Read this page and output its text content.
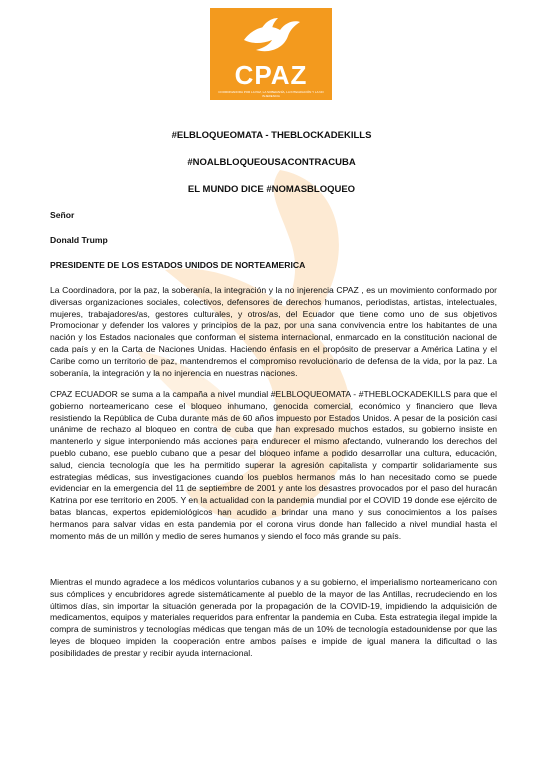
CPAZ
COORDINADORA POR LA PAZ, LA SOBERANÍA, LA INTEGRACIÓN Y LA NO INJERENCIA
#ELBLOQUEOMATA - THEBLOCKADEKILLS
#NOALBLOQUEOUSACONTRACUBA
EL MUNDO DICE #NOMASBLOQUEO
Señor
Donald Trump
PRESIDENTE DE LOS ESTADOS UNIDOS DE NORTEAMERICA
La Coordinadora, por la paz, la soberanía, la integración y la no injerencia CPAZ , es un movimiento conformado por diversas organizaciones sociales, colectivos, defensores de derechos humanos, periodistas, artistas, intelectuales, mujeres, trabajadores/as, gestores culturales, y otros/as, del Ecuador que tiene como uno de sus objetivos Promocionar y defender los valores y principios de la paz, por una sana convivencia entre los habitantes de una nación y los Estados nacionales que conforman el sistema internacional, enmarcado en la constitución nacional de cada país y en la Carta de Naciones Unidas. Haciendo énfasis en el propósito de preservar a América Latina y el Caribe como un territorio de paz, mantendremos el compromiso revolucionario de defensa de la vida, por la paz. La soberanía, la integración y la no injerencia en nuestras naciones.
CPAZ ECUADOR se suma a la campaña a nivel mundial #ELBLOQUEOMATA - #THEBLOCKADEKILLS para que el gobierno norteamericano cese el bloqueo inhumano, genocida comercial, económico y financiero que lleva resistiendo la República de Cuba durante más de 60 años impuesto por Estados Unidos. A pesar de la posición casi unánime de rechazo al bloqueo en contra de cuba que han expresado muchos estados, su gobierno insiste en mantenerlo y sigue interponiendo más acciones para endurecer el mismo afectando, vulnerando los derechos del pueblo cubano, ese pueblo cubano que a pesar del bloqueo infame a podido desarrollar una cultura, educación, salud, ciencia tecnología que les ha permitido superar la agresión capitalista y compartir solidariamente sus estrategias médicas, sus investigaciones cuando los pueblos hermanos más lo han necesitado como se puede evidenciar en la emergencia del 11 de septiembre de 2001 y ante los desastres provocados por el paso del huracán Katrina por ese territorio en 2005. Y en la actualidad con la pandemia mundial por el COVID 19 donde ese ejército de batas blancas, expertos epidemiológicos han acudido a brindar una mano y sus conocimientos a los países hermanos para salvar vidas en esta pandemia por el corona virus donde han fallecido a nivel mundial hasta el momento más de un millón y medio de seres humanos y siendo el foco más grande su país.
Mientras el mundo agradece a los médicos voluntarios cubanos y a su gobierno, el imperialismo norteamericano con sus cómplices y encubridores agrede sistemáticamente al pueblo de la mayor de las Antillas, recrudeciendo en los últimos días, sin importar la situación generada por la propagación de la COVID-19, impidiendo la adquisición de medicamentos, equipos y materiales requeridos para enfrentar la pandemia en Cuba. Esta estrategia ilegal impide la compra de suministros y tecnologías médicas que tengan más de un 10% de tecnología estadounidense por que las leyes de bloqueo impiden la cooperación entre ambos países e impide de igual manera la dificultad o las posibilidades de prestar y recibir ayuda internacional.
